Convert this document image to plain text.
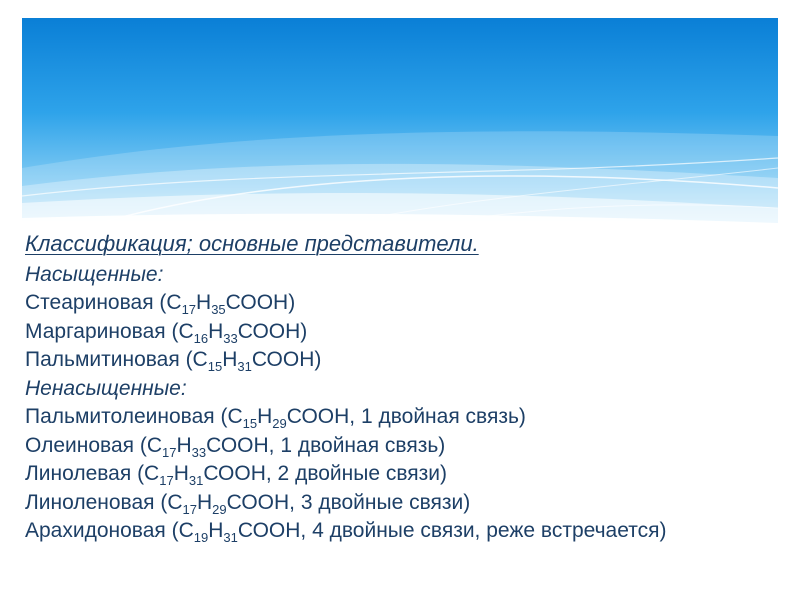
Классификация; основные представители.

Насыщенные:

Стеариновая $(С_{17}Н_{35}СООН)$

Маргариновая $(С_{16}Н_{33}СООН)$

Пальмитиновая $(С_{15}Н_{31}СООН)$

Ненасыщенные:

Пальмитолеиновая ($С_{15}Н_{29}СООН$, 1 двойная связь)

Олеиновая ($С_{17}Н_{33}СООН$, 1 двойная связь)

Линолевая ($С_{17}Н_{31}СООН$, 2 двойные связи)

Линоленовая ($С_{17}Н_{29}СООН$, 3 двойные связи)

Арахидоновая ($С_{19}Н_{31}СООН$, 4 двойные связи, реже встречается)
